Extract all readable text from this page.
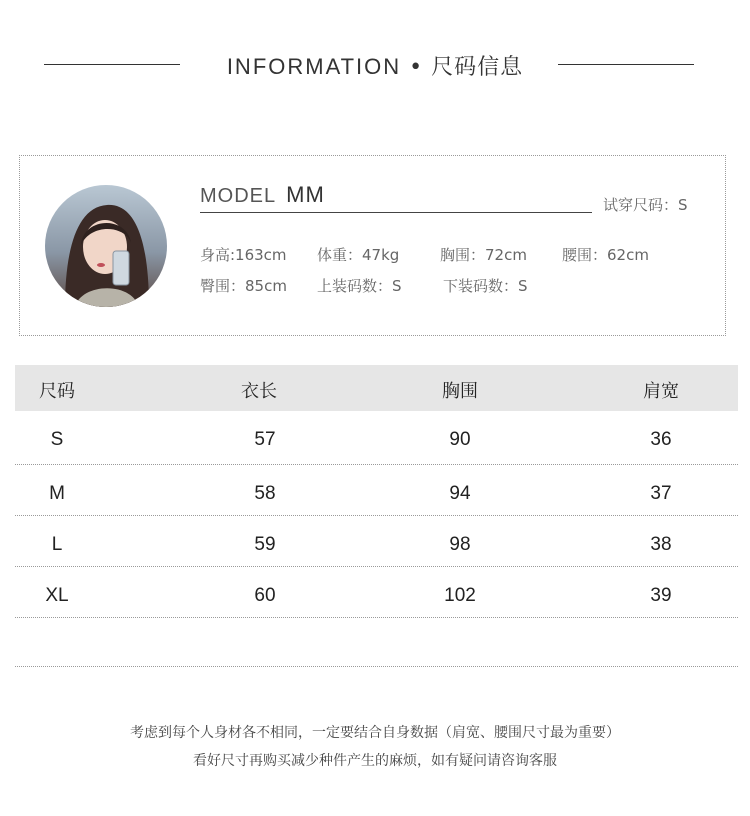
INFORMATION • 尺码信息
MODEL MM	试穿尺码：S
身高:163cm 体重：47kg	胸围：72cm 腰围：62cm
臀围：85cm 上装码数：S	下装码数：S
尺码	衣长	胸围	肩宽
S	57	90	36
M	58	94	37
L	59	98	38
XL	60	102	39
考虑到每个人身材各不相同，一定要结合自身数据（肩宽、腰围尺寸最为重要）
看好尺寸再购买减少种件产生的麻烦，如有疑问请咨询客服
